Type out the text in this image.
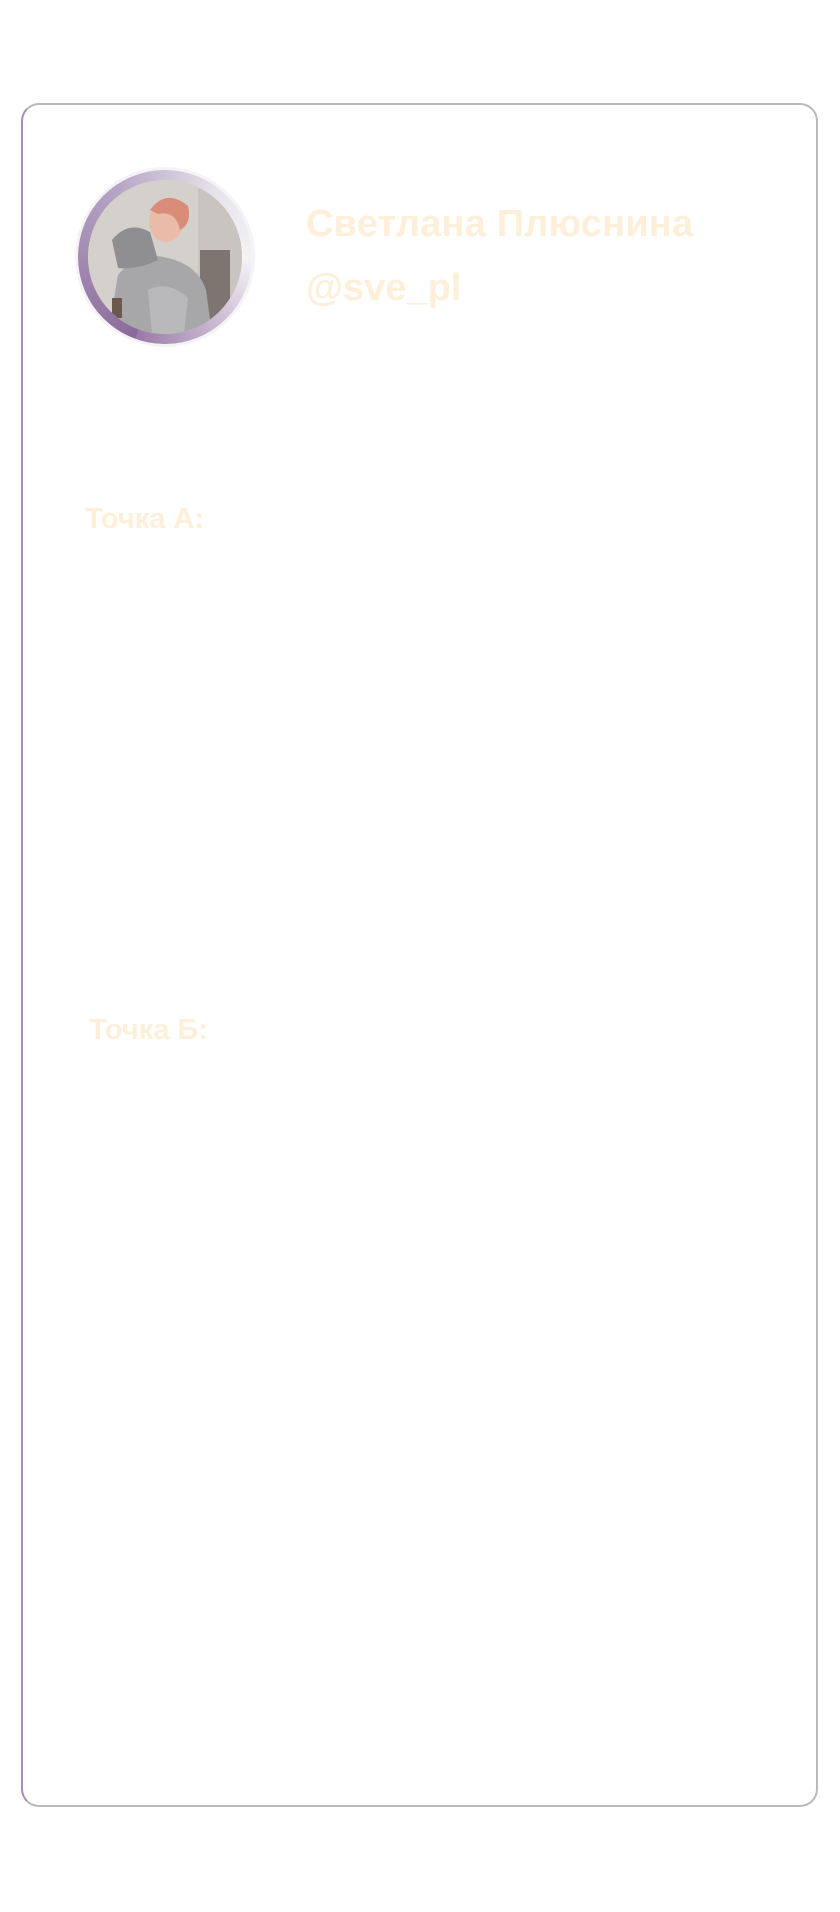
Светлана Плюснина
@sve_pl
Точка А:
Точка Б:
